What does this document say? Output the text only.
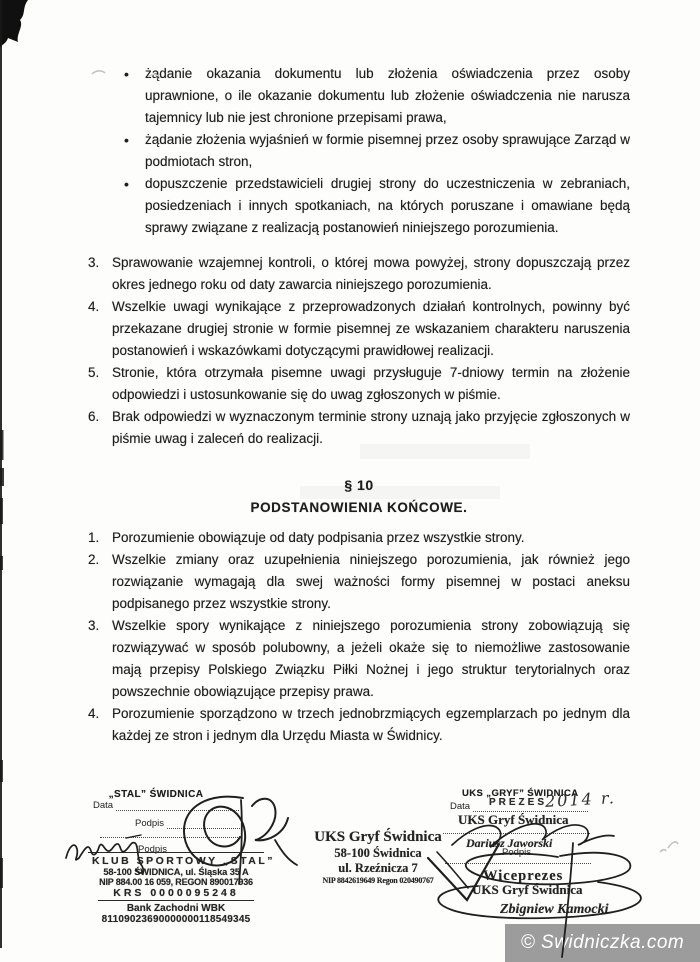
• żądanie okazania dokumentu lub złożenia oświadczenia przez osoby uprawnione, o ile okazanie dokumentu lub złożenie oświadczenia nie narusza tajemnicy lub nie jest chronione przepisami prawa,
• żądanie złożenia wyjaśnień w formie pisemnej przez osoby sprawujące Zarząd w podmiotach stron,
• dopuszczenie przedstawicieli drugiej strony do uczestniczenia w zebraniach, posiedzeniach i innych spotkaniach, na których poruszane i omawiane będą sprawy związane z realizacją postanowień niniejszego porozumienia.
3. Sprawowanie wzajemnej kontroli, o której mowa powyżej, strony dopuszczają przez okres jednego roku od daty zawarcia niniejszego porozumienia.
4. Wszelkie uwagi wynikające z przeprowadzonych działań kontrolnych, powinny być przekazane drugiej stronie w formie pisemnej ze wskazaniem charakteru naruszenia postanowień i wskazówkami dotyczącymi prawidłowej realizacji.
5. Stronie, która otrzymała pisemne uwagi przysługuje 7-dniowy termin na złożenie odpowiedzi i ustosunkowanie się do uwag zgłoszonych w piśmie.
6. Brak odpowiedzi w wyznaczonym terminie strony uznają jako przyjęcie zgłoszonych w piśmie uwag i zaleceń do realizacji.
§ 10
PODSTANOWIENIA KOŃCOWE.
1. Porozumienie obowiązuje od daty podpisania przez wszystkie strony.
2. Wszelkie zmiany oraz uzupełnienia niniejszego porozumienia, jak również jego rozwiązanie wymagają dla swej ważności formy pisemnej w postaci aneksu podpisanego przez wszystkie strony.
3. Wszelkie spory wynikające z niniejszego porozumienia strony zobowiązują się rozwiązywać w sposób polubowny, a jeżeli okaże się to niemożliwe zastosowanie mają przepisy Polskiego Związku Piłki Nożnej i jego struktur terytorialnych oraz powszechnie obowiązujące przepisy prawa.
4. Porozumienie sporządzono w trzech jednobrzmiących egzemplarzach po jednym dla każdej ze stron i jednym dla Urzędu Miasta w Świdnicy.
„STAL” ŚWIDNICA
Data
Podpis
Podpis
KLUB SPORTOWY „STAL”
58-100 ŚWIDNICA, ul. Śląska 35 A
NIP 884.00 16 059, REGON 890017936
KRS 0000095248
Bank Zachodni WBK
81109023690000000118549345
UKS Gryf Świdnica
58-100 Świdnica
ul. Rzeźnicza 7
NIP 8842619649 Regon 020490767
UKS „GRYF” ŚWIDNICA
Data	2014 r.
PREZES
UKS Gryf Świdnica
Dariusz Jaworski
Podpis
Wiceprezes
UKS Gryf Świdnica
Zbigniew Kamocki
© Swidniczka.com
